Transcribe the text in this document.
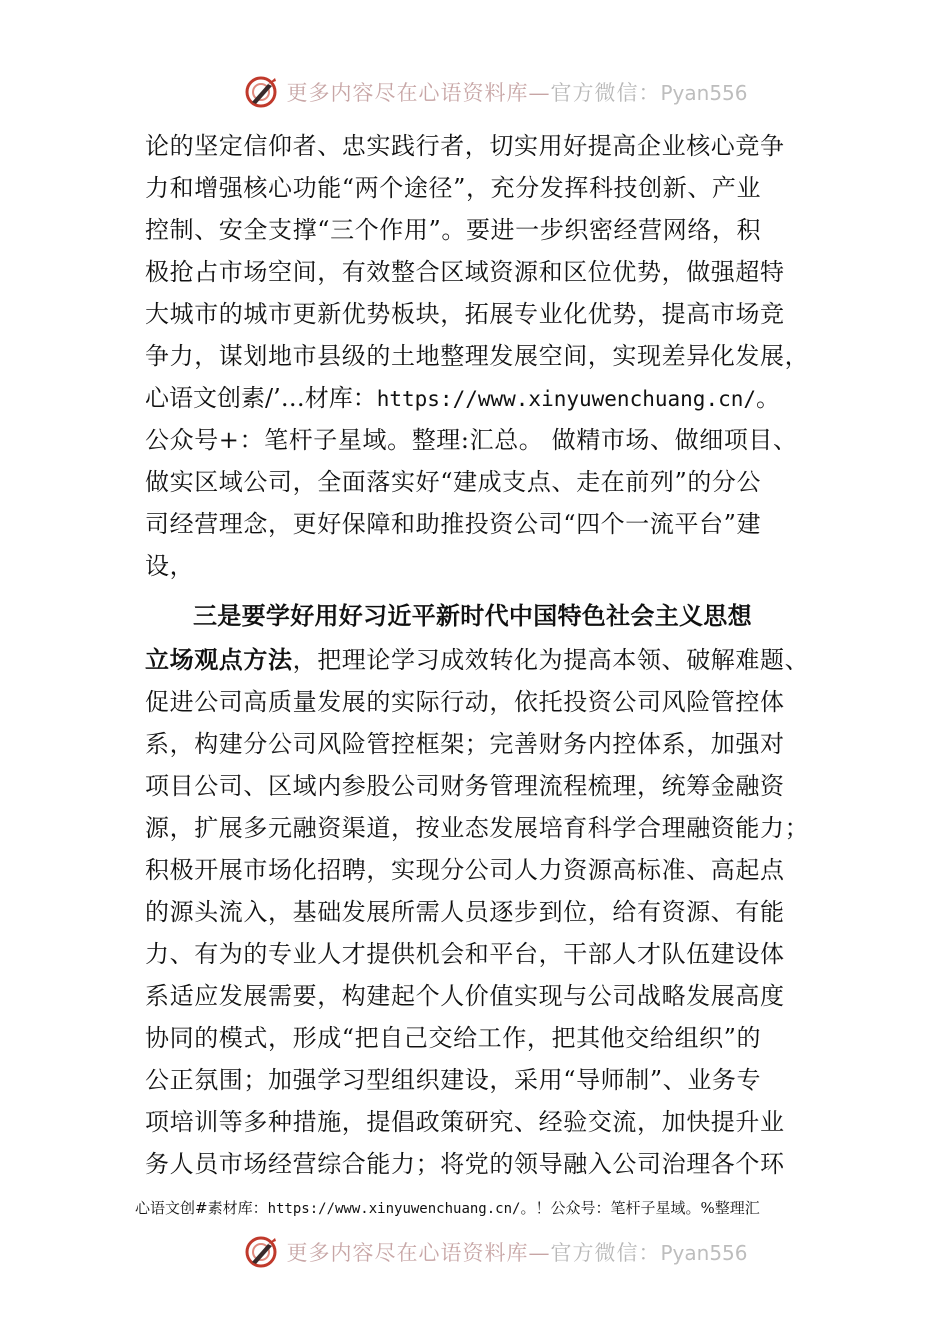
更多内容尽在心语资料库—官方微信：Pyan556
论的坚定信仰者、忠实践行者，切实用好提高企业核心竞争
力和增强核心功能“两个途径”，充分发挥科技创新、产业
控制、安全支撑“三个作用”。要进一步织密经营网络，积
极抢占市场空间，有效整合区域资源和区位优势，做强超特
大城市的城市更新优势板块，拓展专业化优势，提高市场竞
争力，谋划地市县级的土地整理发展空间，实现差异化发展，
心语文创素/’…材库：https://www.xinyuwenchuang.cn/。
公众号+：笔杆子星域。整理:汇总。 做精市场、做细项目、
做实区域公司，全面落实好“建成支点、走在前列”的分公
司经营理念，更好保障和助推投资公司“四个一流平台”建
设，
三是要学好用好习近平新时代中国特色社会主义思想
立场观点方法，把理论学习成效转化为提高本领、破解难题、
促进公司高质量发展的实际行动，依托投资公司风险管控体
系，构建分公司风险管控框架；完善财务内控体系，加强对
项目公司、区域内参股公司财务管理流程梳理，统筹金融资
源，扩展多元融资渠道，按业态发展培育科学合理融资能力；
积极开展市场化招聘，实现分公司人力资源高标准、高起点
的源头流入，基础发展所需人员逐步到位，给有资源、有能
力、有为的专业人才提供机会和平台，干部人才队伍建设体
系适应发展需要，构建起个人价值实现与公司战略发展高度
协同的模式，形成“把自己交给工作，把其他交给组织”的
公正氛围；加强学习型组织建设，采用“导师制”、业务专
项培训等多种措施，提倡政策研究、经验交流，加快提升业
务人员市场经营综合能力；将党的领导融入公司治理各个环
心语文创#素材库：https://www.xinyuwenchuang.cn/。！公众号：笔杆子星域。%整理汇
更多内容尽在心语资料库—官方微信：Pyan556
